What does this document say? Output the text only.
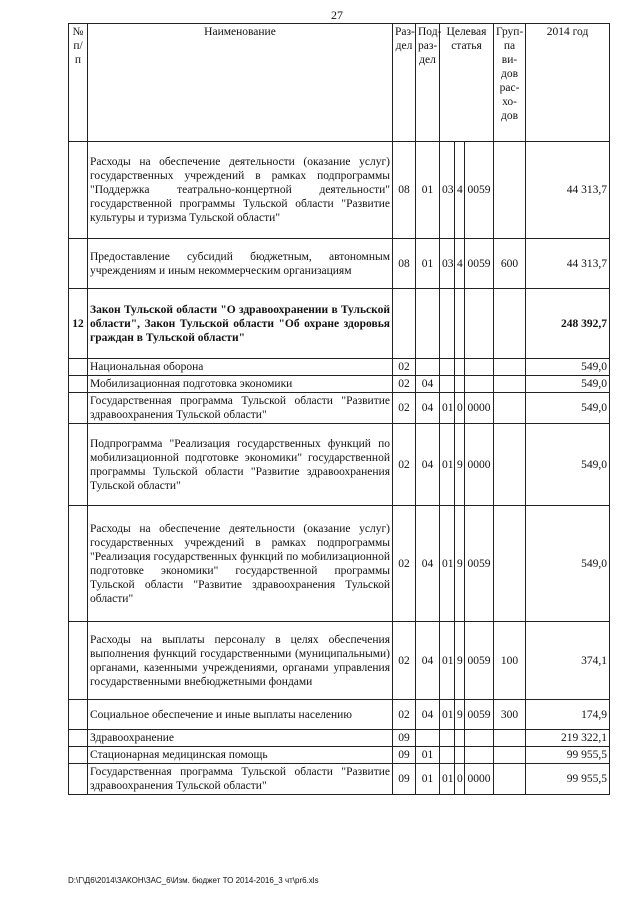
27
№ п/п	Наименование	Раз-дел	Под-раз-дел	Целевая статья			Груп-па ви-дов рас-хо-дов	2014 год
	Расходы на обеспечение деятельности (оказание услуг) государственных учреждений в рамках подпрограммы "Поддержка театрально-концертной деятельности" государственной программы Тульской области "Развитие культуры и туризма Тульской области"	08	01	03	4	0059		44 313,7
	Предоставление субсидий бюджетным, автономным учреждениям и иным некоммерческим организациям	08	01	03	4	0059	600	44 313,7
12	Закон Тульской области "О здравоохранении в Тульской области", Закон Тульской области "Об охране здоровья граждан в Тульской области"							248 392,7
	Национальная оборона	02						549,0
	Мобилизационная подготовка экономики	02	04					549,0
	Государственная программа Тульской области "Развитие здравоохранения Тульской области"	02	04	01	0	0000		549,0
	Подпрограмма "Реализация государственных функций по мобилизационной подготовке экономики" государственной программы Тульской области "Развитие здравоохранения Тульской области"	02	04	01	9	0000		549,0
	Расходы на обеспечение деятельности (оказание услуг) государственных учреждений в рамках подпрограммы "Реализация государственных функций по мобилизационной подготовке экономики" государственной программы Тульской области "Развитие здравоохранения Тульской области"	02	04	01	9	0059		549,0
	Расходы на выплаты персоналу в целях обеспечения выполнения функций государственными (муниципальными) органами, казенными учреждениями, органами управления государственными внебюджетными фондами	02	04	01	9	0059	100	374,1
	Социальное обеспечение и иные выплаты населению	02	04	01	9	0059	300	174,9
	Здравоохранение	09						219 322,1
	Стационарная медицинская помощь	09	01					99 955,5
	Государственная программа Тульской области "Развитие здравоохранения Тульской области"	09	01	01	0	0000		99 955,5
D:\Г\Д6\2014\ЗАКОН\ЗАС_6\Изм. бюджет ТО 2014-2016_3 чт\pr6.xls
